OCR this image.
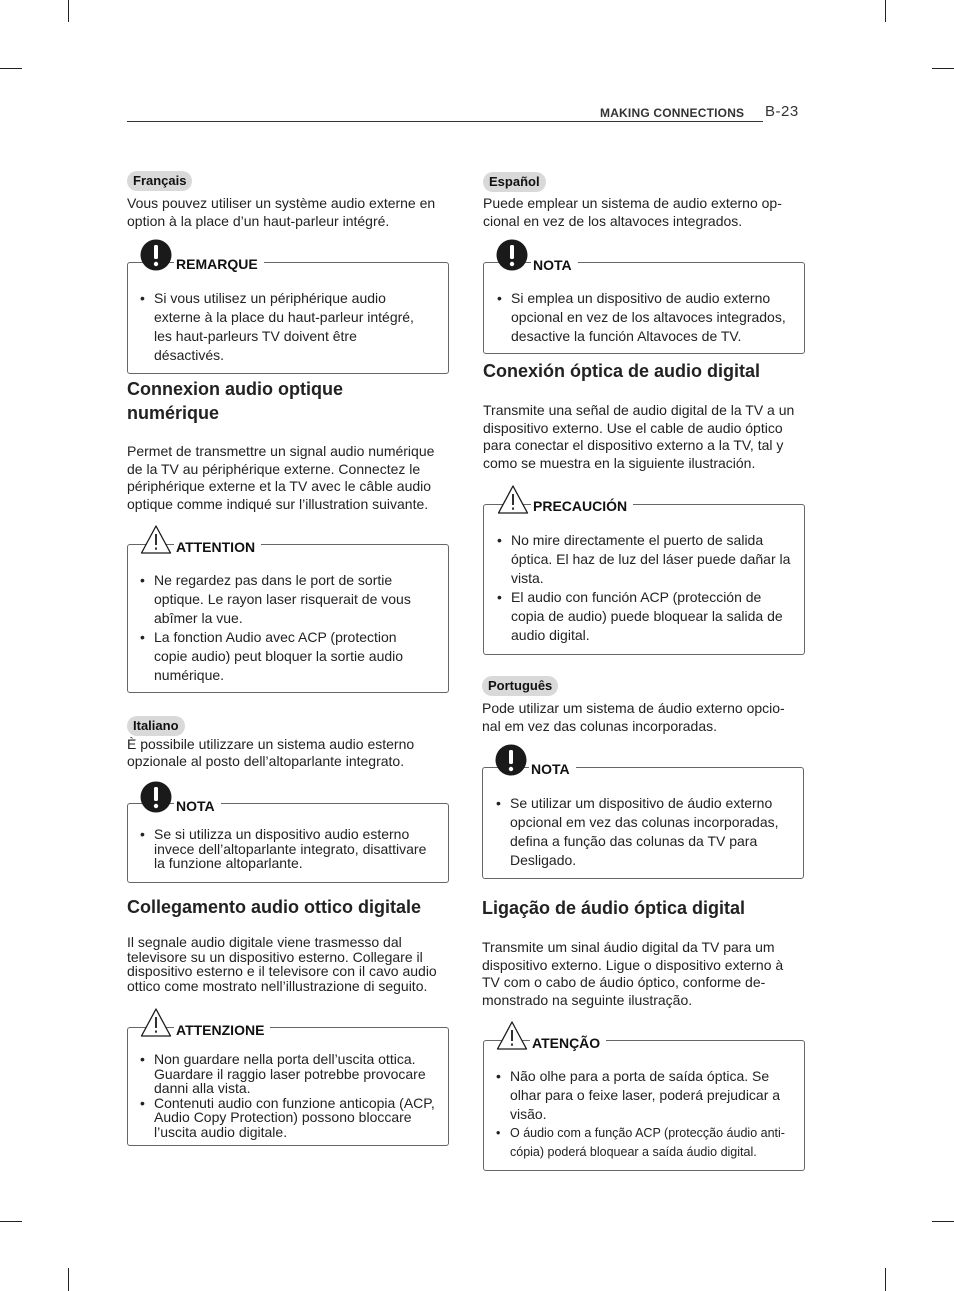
MAKING CONNECTIONS B-23
Français
Vous pouvez utiliser un système audio externe en option à la place d’un haut-parleur intégré.
REMARQUE
• Si vous utilisez un périphérique audio externe à la place du haut-parleur intégré, les haut-parleurs TV doivent être désactivés.
Connexion audio optique numérique
Permet de transmettre un signal audio numérique de la TV au périphérique externe. Connectez le périphérique externe et la TV avec le câble audio optique comme indiqué sur l’illustration suivante.
ATTENTION
• Ne regardez pas dans le port de sortie optique. Le rayon laser risquerait de vous abîmer la vue.
• La fonction Audio avec ACP (protection copie audio) peut bloquer la sortie audio numérique.
Italiano
È possibile utilizzare un sistema audio esterno opzionale al posto dell’altoparlante integrato.
NOTA
• Se si utilizza un dispositivo audio esterno invece dell’altoparlante integrato, disattivare la funzione altoparlante.
Collegamento audio ottico digitale
Il segnale audio digitale viene trasmesso dal televisore su un dispositivo esterno. Collegare il dispositivo esterno e il televisore con il cavo audio ottico come mostrato nell’illustrazione di seguito.
ATTENZIONE
• Non guardare nella porta dell’uscita ottica. Guardare il raggio laser potrebbe provocare danni alla vista.
• Contenuti audio con funzione anticopia (ACP, Audio Copy Protection) possono bloccare l’uscita audio digitale.
Español
Puede emplear un sistema de audio externo op-cional en vez de los altavoces integrados.
NOTA
• Si emplea un dispositivo de audio externo opcional en vez de los altavoces integrados, desactive la función Altavoces de TV.
Conexión óptica de audio digital
Transmite una señal de audio digital de la TV a un dispositivo externo. Use el cable de audio óptico para conectar el dispositivo externo a la TV, tal y como se muestra en la siguiente ilustración.
PRECAUCIÓN
• No mire directamente el puerto de salida óptica. El haz de luz del láser puede dañar la vista.
• El audio con función ACP (protección de copia de audio) puede bloquear la salida de audio digital.
Português
Pode utilizar um sistema de áudio externo opcio-nal em vez das colunas incorporadas.
NOTA
• Se utilizar um dispositivo de áudio externo opcional em vez das colunas incorporadas, defina a função das colunas da TV para Desligado.
Ligação de áudio óptica digital
Transmite um sinal áudio digital da TV para um dispositivo externo. Ligue o dispositivo externo à TV com o cabo de áudio óptico, conforme de-monstrado na seguinte ilustração.
ATENÇÃO
• Não olhe para a porta de saída óptica. Se olhar para o feixe laser, poderá prejudicar a visão.
• O áudio com a função ACP (protecção áudio anti-cópia) poderá bloquear a saída áudio digital.
